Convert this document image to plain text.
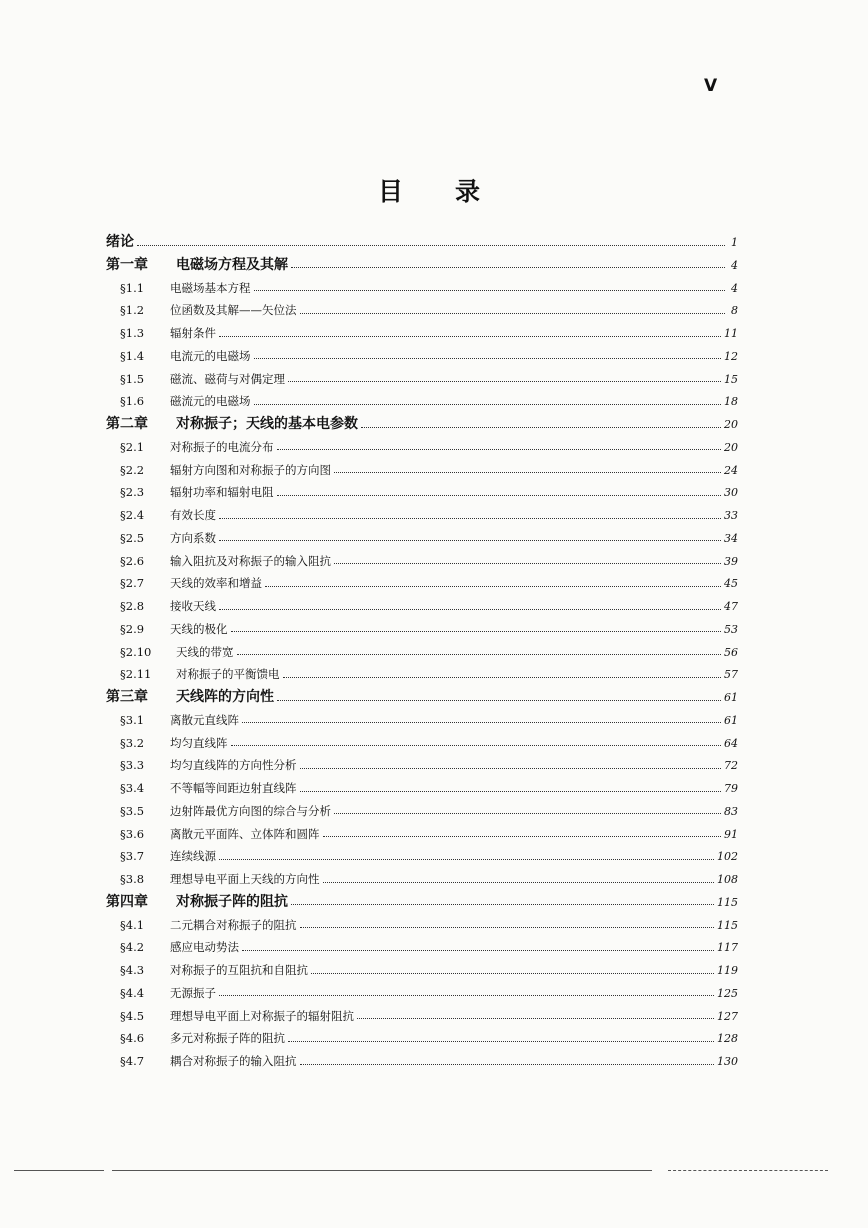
V
目 录
绪论	1
第一章	电磁场方程及其解	4
§1.1	电磁场基本方程	4
§1.2	位函数及其解——矢位法	8
§1.3	辐射条件	11
§1.4	电流元的电磁场	12
§1.5	磁流、磁荷与对偶定理	15
§1.6	磁流元的电磁场	18
第二章	对称振子；天线的基本电参数	20
§2.1	对称振子的电流分布	20
§2.2	辐射方向图和对称振子的方向图	24
§2.3	辐射功率和辐射电阻	30
§2.4	有效长度	33
§2.5	方向系数	34
§2.6	输入阻抗及对称振子的输入阻抗	39
§2.7	天线的效率和增益	45
§2.8	接收天线	47
§2.9	天线的极化	53
§2.10	天线的带宽	56
§2.11	对称振子的平衡馈电	57
第三章	天线阵的方向性	61
§3.1	离散元直线阵	61
§3.2	均匀直线阵	64
§3.3	均匀直线阵的方向性分析	72
§3.4	不等幅等间距边射直线阵	79
§3.5	边射阵最优方向图的综合与分析	83
§3.6	离散元平面阵、立体阵和圆阵	91
§3.7	连续线源	102
§3.8	理想导电平面上天线的方向性	108
第四章	对称振子阵的阻抗	115
§4.1	二元耦合对称振子的阻抗	115
§4.2	感应电动势法	117
§4.3	对称振子的互阻抗和自阻抗	119
§4.4	无源振子	125
§4.5	理想导电平面上对称振子的辐射阻抗	127
§4.6	多元对称振子阵的阻抗	128
§4.7	耦合对称振子的输入阻抗	130
